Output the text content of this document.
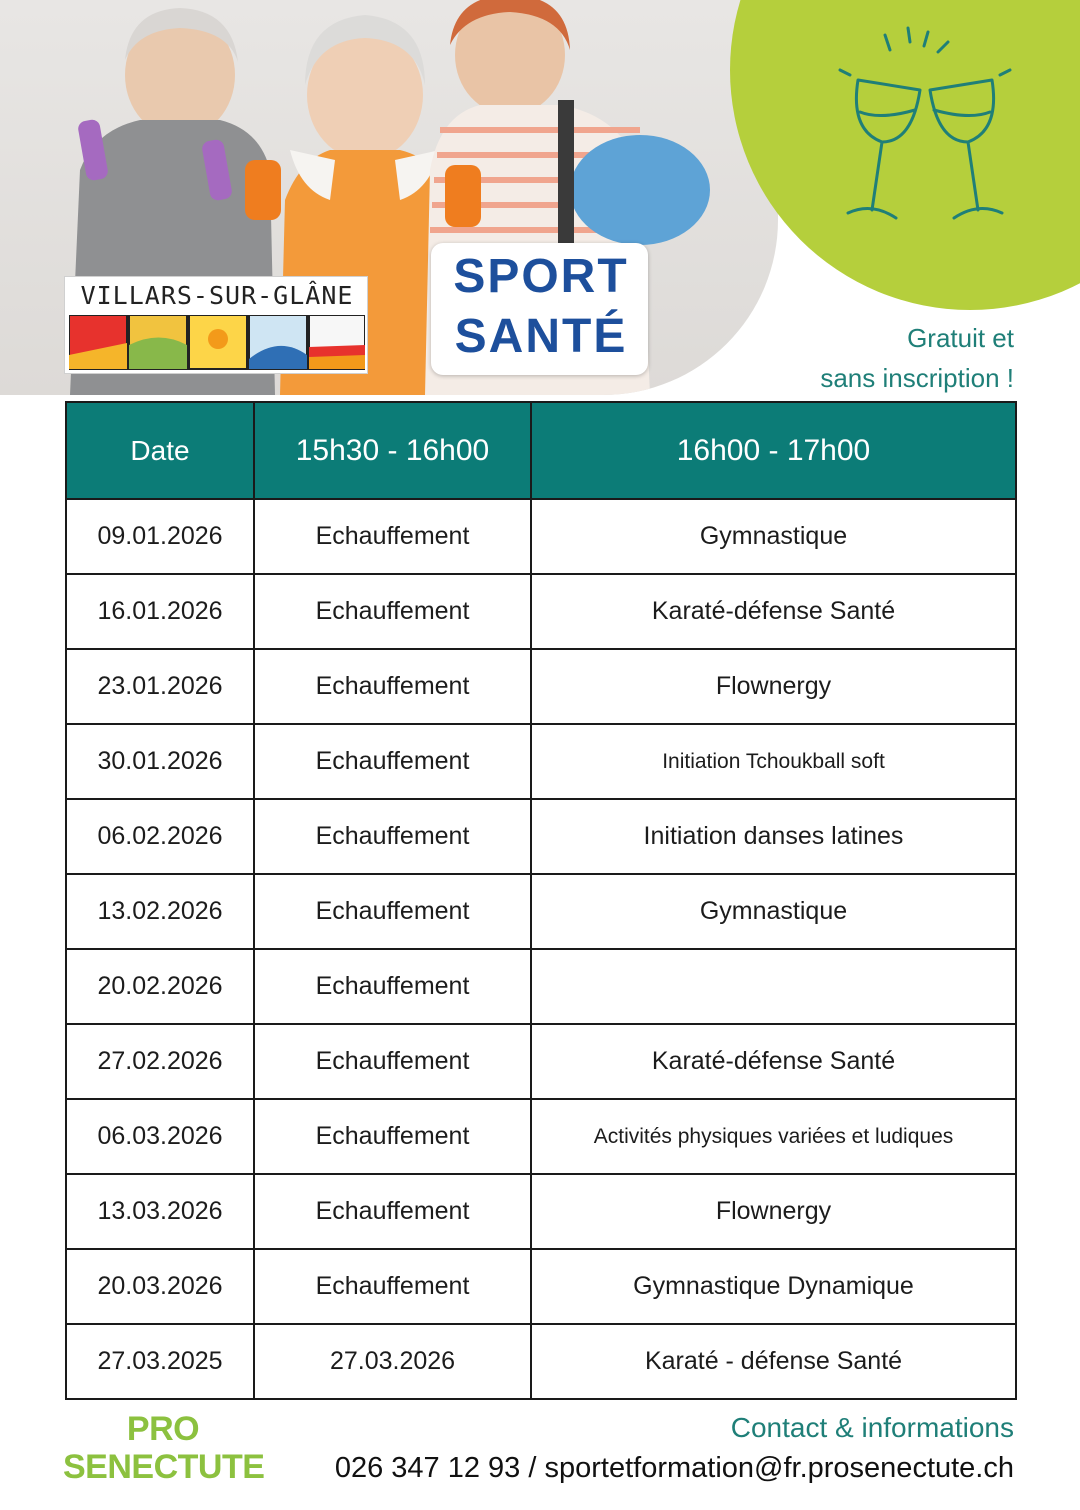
VILLARS-SUR-GLÂNE SPORT
SANTÉ	Gratuit et
sans inscription !
Date	15h30 - 16h00	16h00 - 17h00
09.01.2026	Echauffement	Gymnastique
16.01.2026	Echauffement	Karaté-défense Santé
23.01.2026	Echauffement	Flownergy
30.01.2026	Echauffement	Initiation Tchoukball soft
06.02.2026	Echauffement	Initiation danses latines
13.02.2026	Echauffement	Gymnastique
20.02.2026	Echauffement	
27.02.2026	Echauffement	Karaté-défense Santé
06.03.2026	Echauffement	Activités physiques variées et ludiques
13.03.2026	Echauffement	Flownergy
20.03.2026	Echauffement	Gymnastique Dynamique
27.03.2025	27.03.2026	Karaté - défense Santé
PRO
SENECTUTE
Contact & informations
026 347 12 93 / sportetformation@fr.prosenectute.ch
